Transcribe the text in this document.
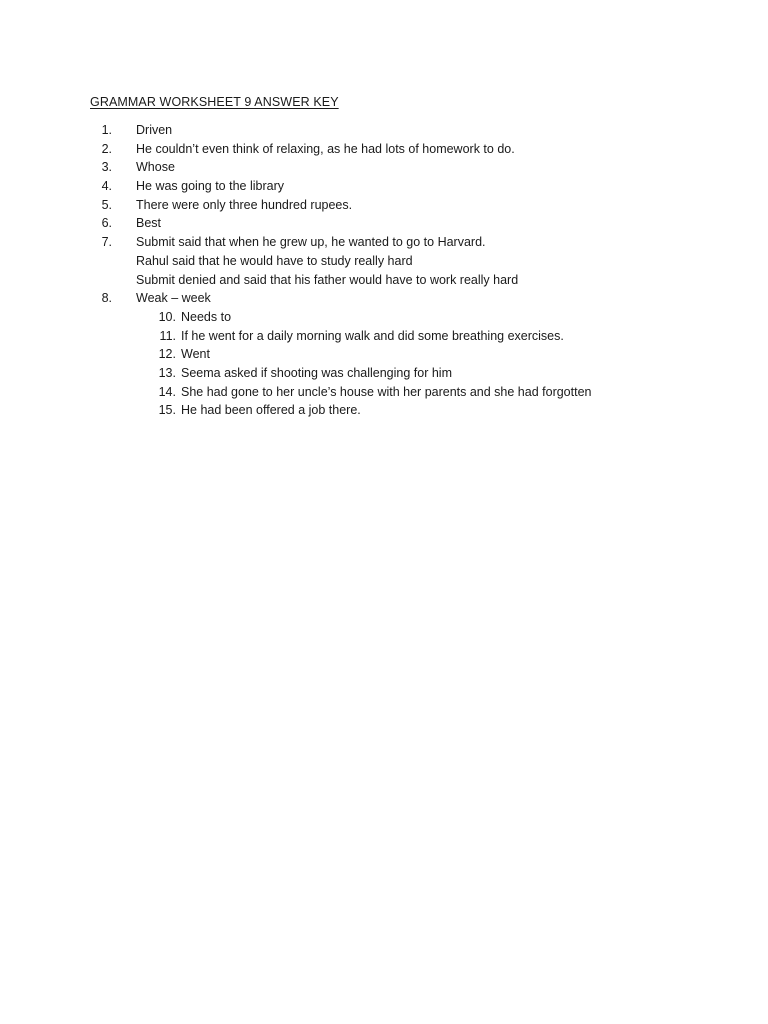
GRAMMAR WORKSHEET 9 ANSWER KEY
1. Driven
2. He couldn’t even think of relaxing, as he had lots of homework to do.
3. Whose
4. He was going to the library
5. There were only three hundred rupees.
6. Best
7. Submit said that when he grew up, he wanted to go to Harvard.
Rahul said that he would have to study really hard
Submit denied and said that his father would have to work really hard
8. Weak – week
10. Needs to
11. If he went for a daily morning walk and did some breathing exercises.
12. Went
13. Seema asked if shooting was challenging for him
14. She had gone to her uncle’s house with her parents and she had forgotten
15. He had been offered a job there.
